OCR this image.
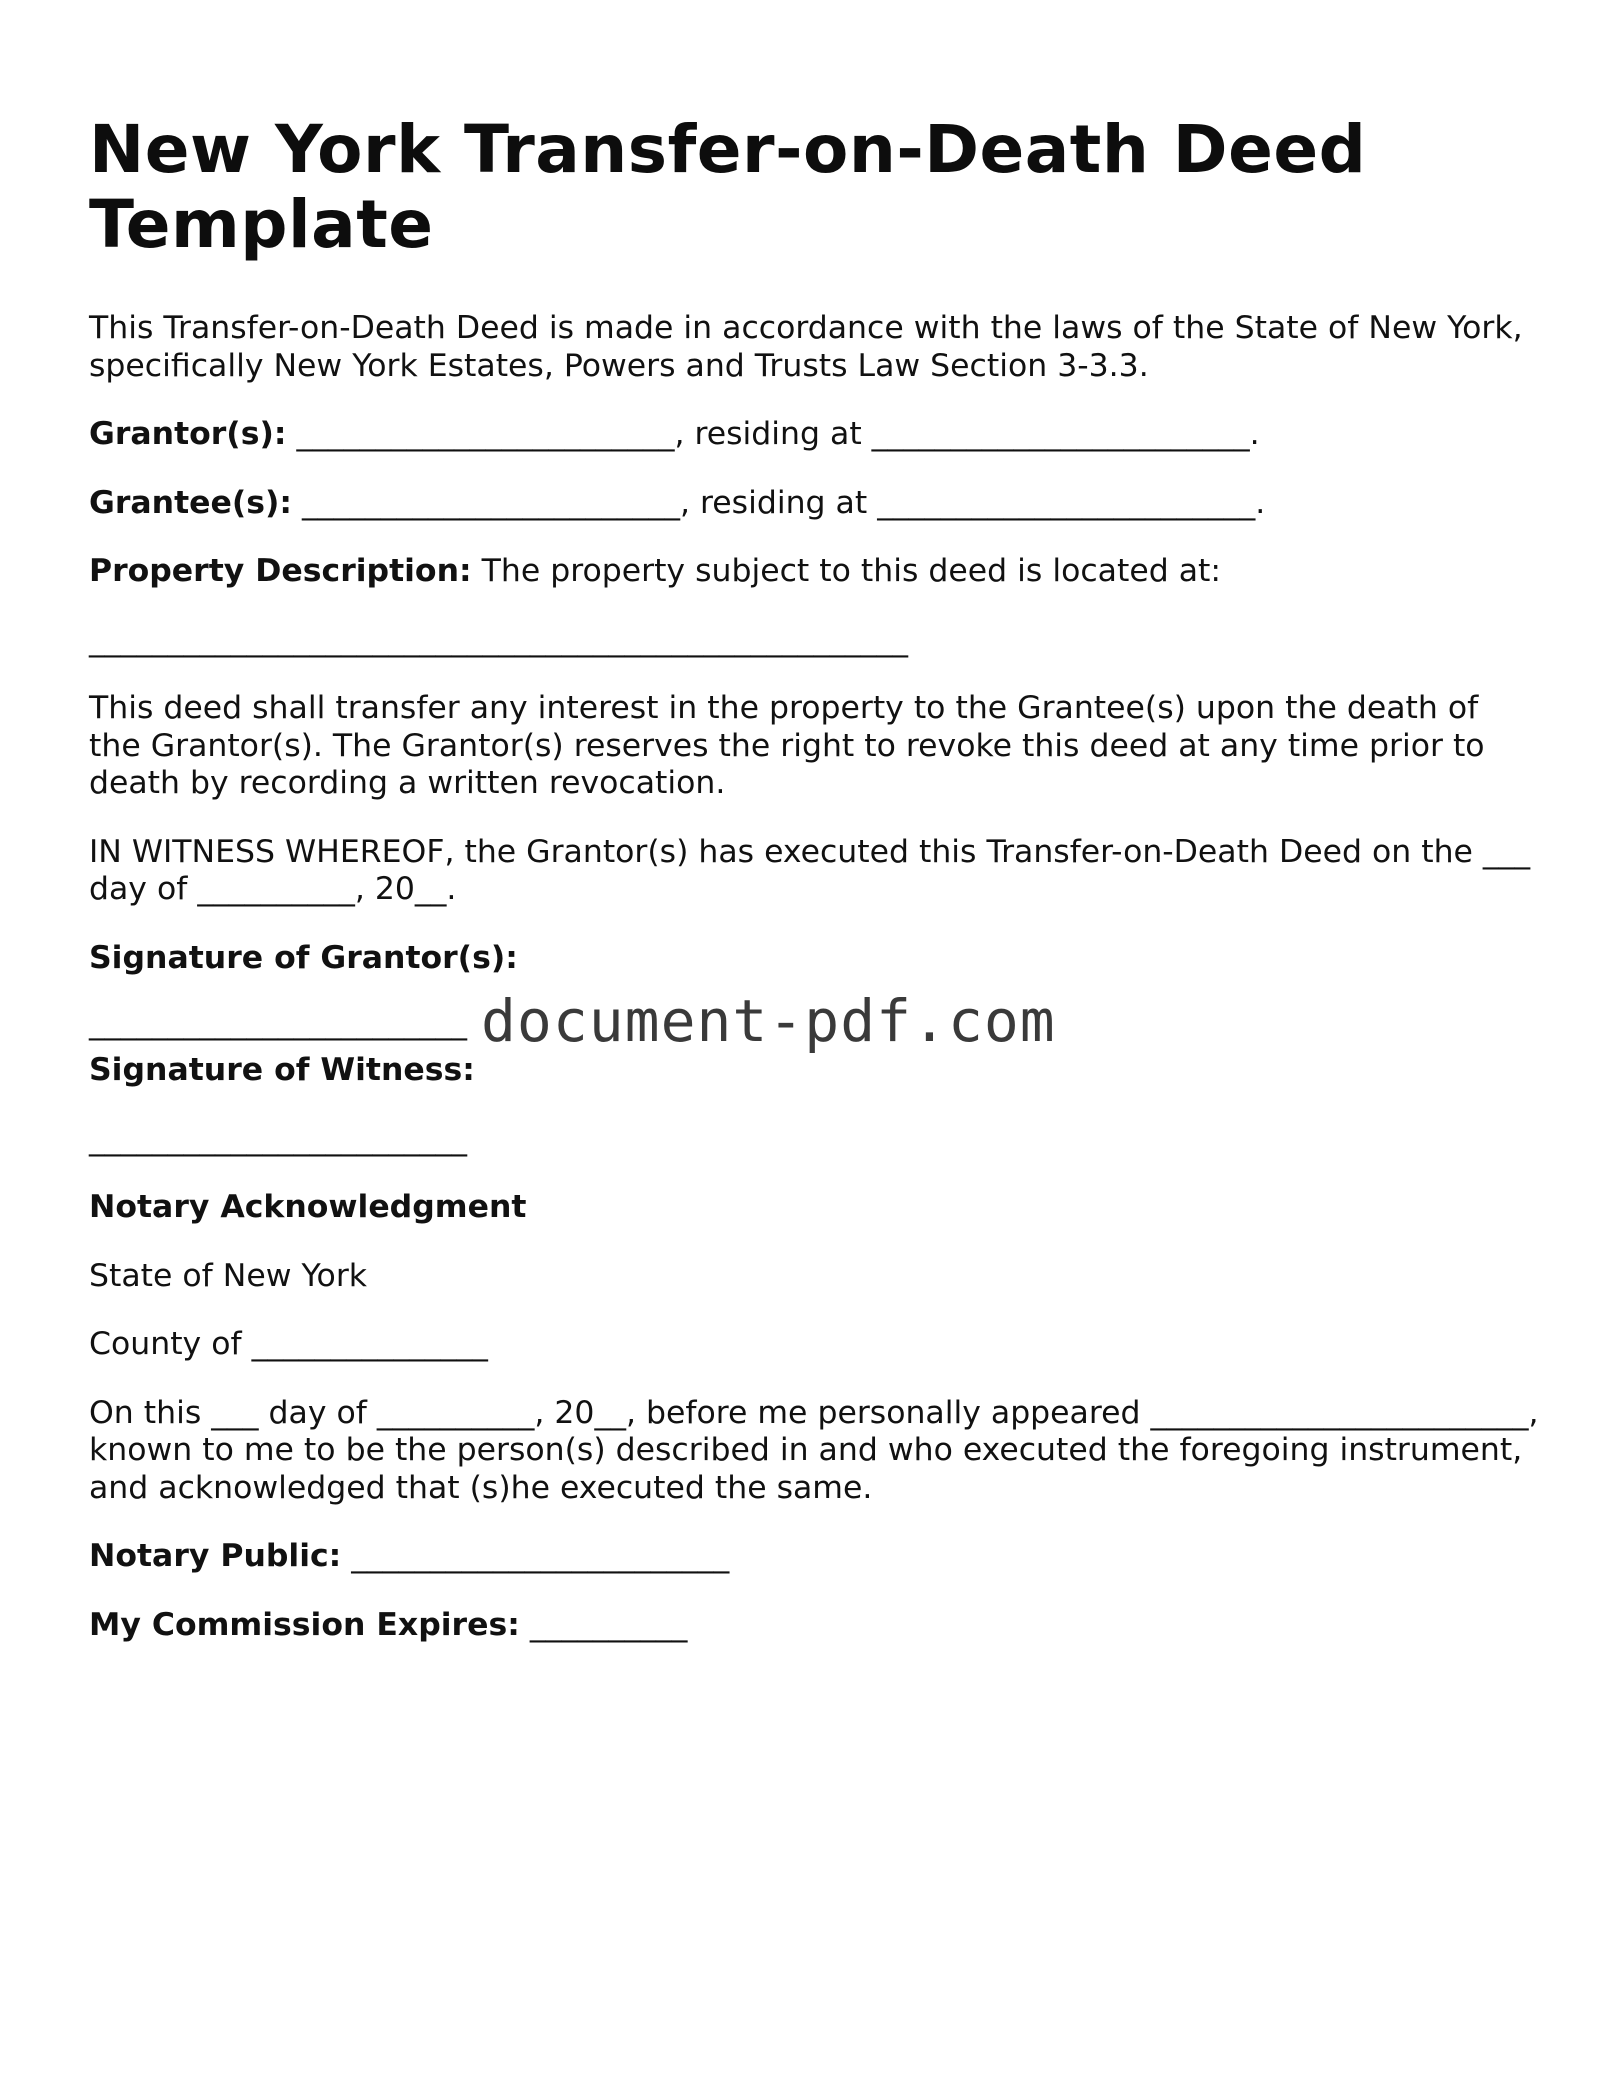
New York Transfer-on-Death Deed Template

This Transfer-on-Death Deed is made in accordance with the laws of the State of New York, specifically New York Estates, Powers and Trusts Law Section 3-3.3.

Grantor(s): ________________________, residing at ________________________.

Grantee(s): ________________________, residing at ________________________.

Property Description: The property subject to this deed is located at:

____________________________________________________

This deed shall transfer any interest in the property to the Grantee(s) upon the death of the Grantor(s). The Grantor(s) reserves the right to revoke this deed at any time prior to death by recording a written revocation.

IN WITNESS WHEREOF, the Grantor(s) has executed this Transfer-on-Death Deed on the ___ day of __________, 20__.

Signature of Grantor(s):

________________________ document-pdf.com

Signature of Witness:

________________________

Notary Acknowledgment

State of New York

County of _______________

On this ___ day of __________, 20__, before me personally appeared ________________________, known to me to be the person(s) described in and who executed the foregoing instrument, and acknowledged that (s)he executed the same.

Notary Public: ________________________

My Commission Expires: __________
